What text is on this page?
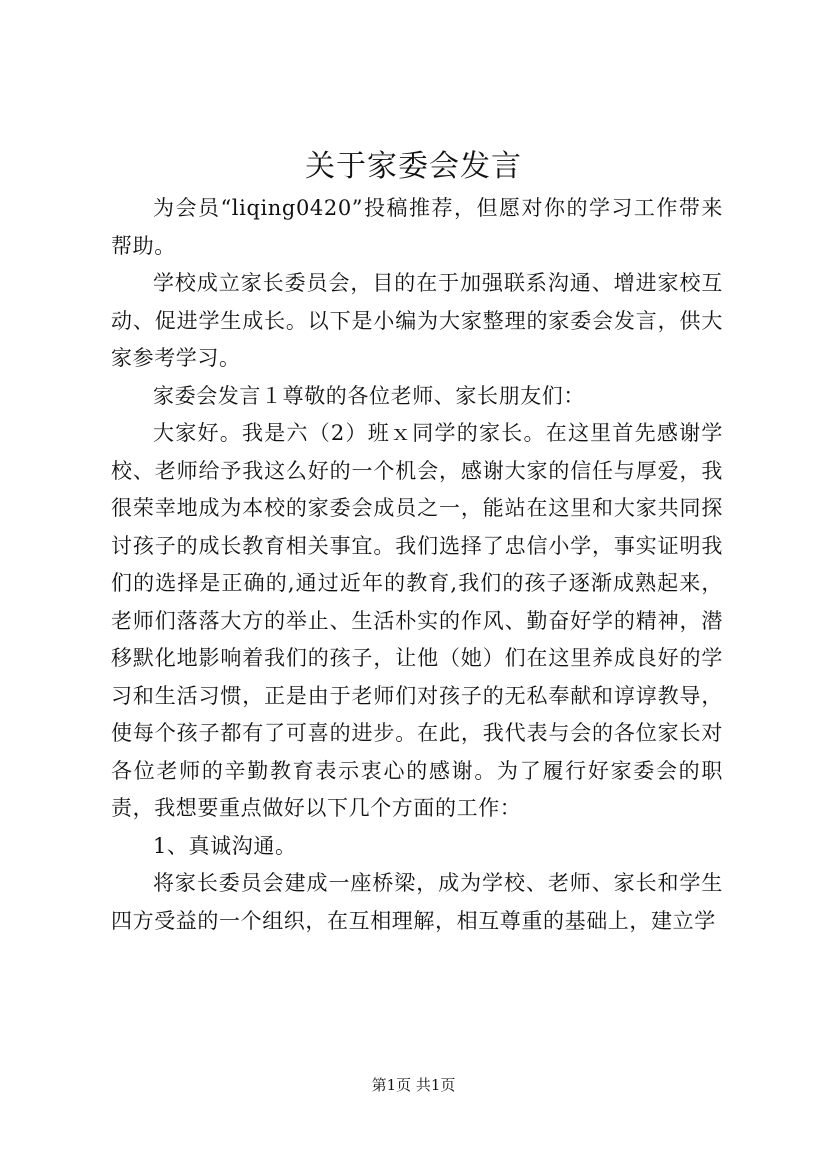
关于家委会发言

为会员“liqing0420”投稿推荐，但愿对你的学习工作带来帮助。

学校成立家长委员会，目的在于加强联系沟通、增进家校互动、促进学生成长。以下是小编为大家整理的家委会发言，供大家参考学习。

家委会发言１尊敬的各位老师、家长朋友们：

大家好。我是六（2）班ｘ同学的家长。在这里首先感谢学校、老师给予我这么好的一个机会，感谢大家的信任与厚爱，我很荣幸地成为本校的家委会成员之一，能站在这里和大家共同探讨孩子的成长教育相关事宜。我们选择了忠信小学，事实证明我们的选择是正确的,通过近年的教育,我们的孩子逐渐成熟起来，老师们落落大方的举止、生活朴实的作风、勤奋好学的精神，潜移默化地影响着我们的孩子，让他（她）们在这里养成良好的学习和生活习惯，正是由于老师们对孩子的无私奉献和谆谆教导，使每个孩子都有了可喜的进步。在此，我代表与会的各位家长对各位老师的辛勤教育表示衷心的感谢。为了履行好家委会的职责，我想要重点做好以下几个方面的工作：

1、真诚沟通。

将家长委员会建成一座桥梁，成为学校、老师、家长和学生四方受益的一个组织，在互相理解，相互尊重的基础上，建立学

第1页 共1页
